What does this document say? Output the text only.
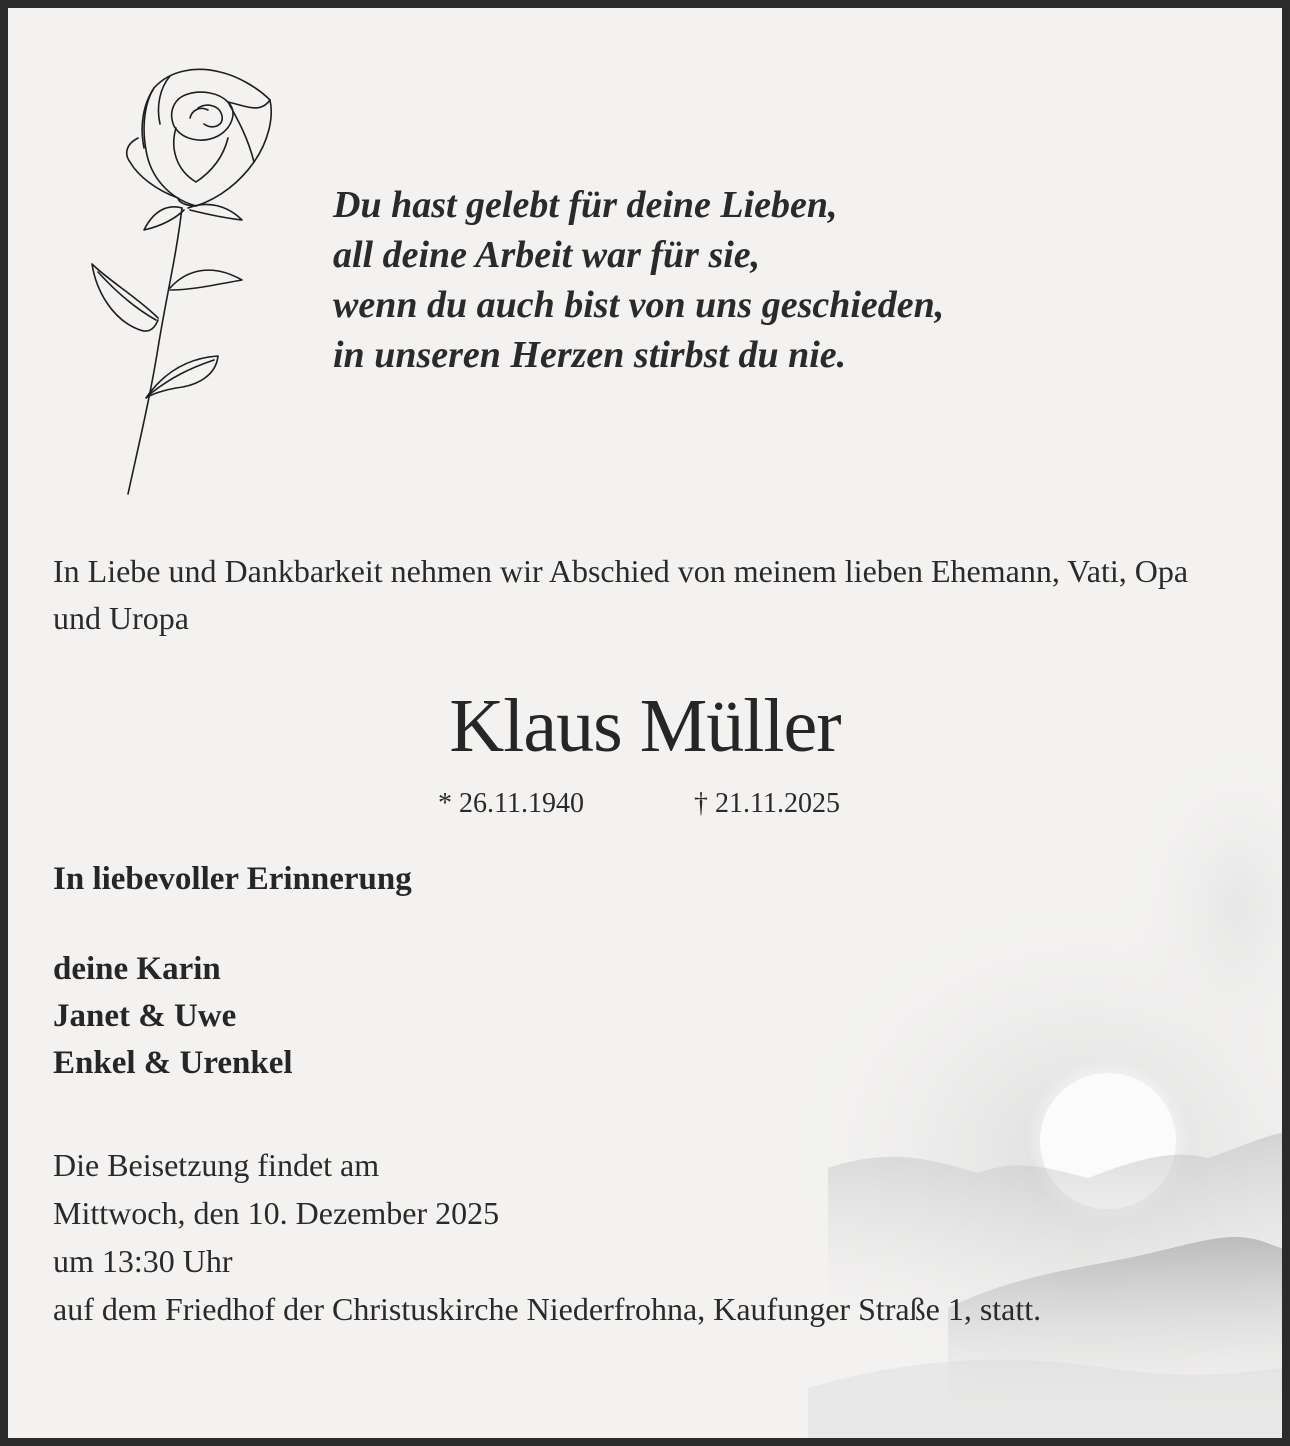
Du hast gelebt für deine Lieben,
all deine Arbeit war für sie,
wenn du auch bist von uns geschieden,
in unseren Herzen stirbst du nie.
In Liebe und Dankbarkeit nehmen wir Abschied von meinem lieben Ehemann, Vati, Opa und Uropa
Klaus Müller
* 26.11.1940	† 21.11.2025
In liebevoller Erinnerung
deine Karin
Janet & Uwe
Enkel & Urenkel
Die Beisetzung findet am
Mittwoch, den 10. Dezember 2025
um 13:30 Uhr
auf dem Friedhof der Christuskirche Niederfrohna, Kaufunger Straße 1, statt.
